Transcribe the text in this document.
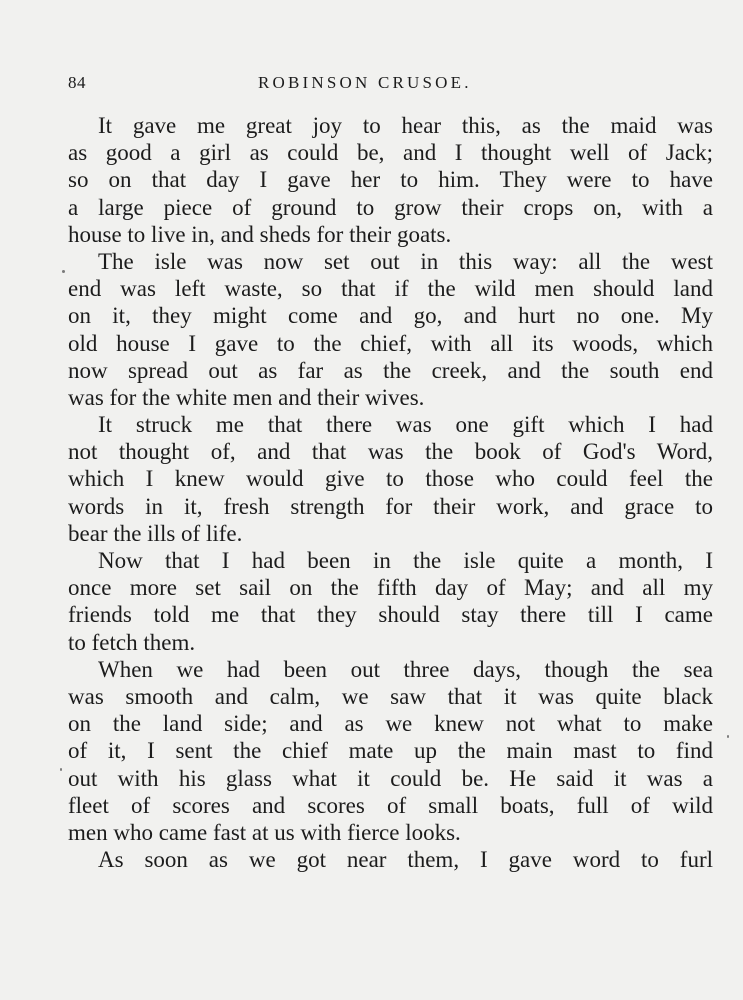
84	ROBINSON CRUSOE.
It gave me great joy to hear this, as the maid was
as good a girl as could be, and I thought well of Jack;
so on that day I gave her to him. They were to have
a large piece of ground to grow their crops on, with a
house to live in, and sheds for their goats.
The isle was now set out in this way: all the west
end was left waste, so that if the wild men should land
on it, they might come and go, and hurt no one. My
old house I gave to the chief, with all its woods, which
now spread out as far as the creek, and the south end
was for the white men and their wives.
It struck me that there was one gift which I had
not thought of, and that was the book of God's Word,
which I knew would give to those who could feel the
words in it, fresh strength for their work, and grace to
bear the ills of life.
Now that I had been in the isle quite a month, I
once more set sail on the fifth day of May; and all my
friends told me that they should stay there till I came
to fetch them.
When we had been out three days, though the sea
was smooth and calm, we saw that it was quite black
on the land side; and as we knew not what to make
of it, I sent the chief mate up the main mast to find
out with his glass what it could be. He said it was a
fleet of scores and scores of small boats, full of wild
men who came fast at us with fierce looks.
As soon as we got near them, I gave word to furl
